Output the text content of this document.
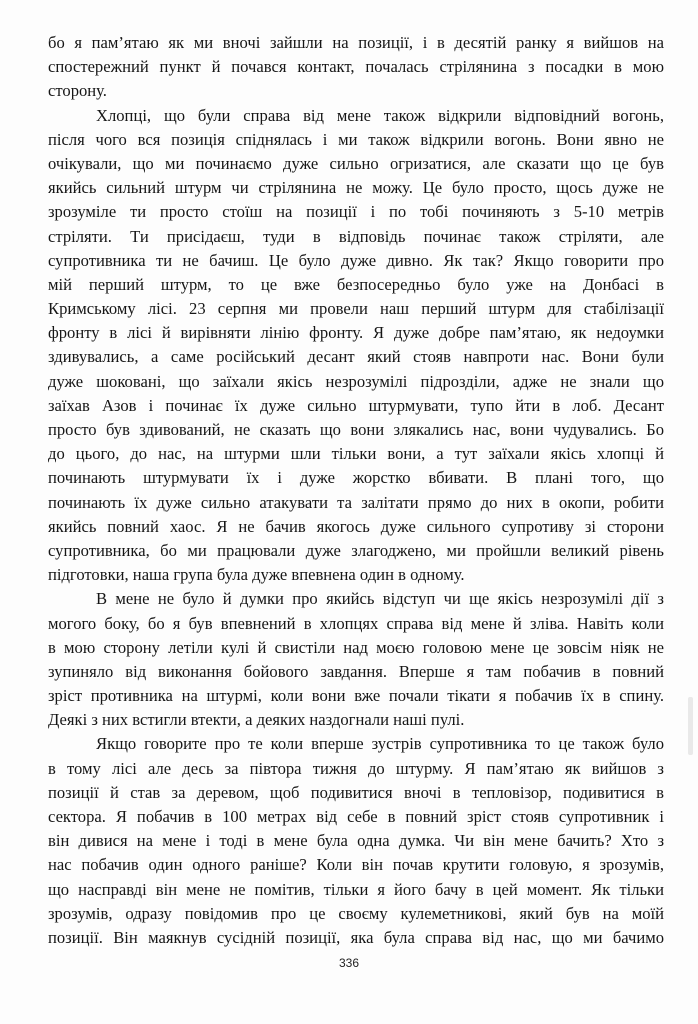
бо я пам’ятаю як ми вночі зайшли на позиції, і в десятій ранку я вийшов на
спостережний пункт й почався контакт, почалась стрілянина з посадки в мою
сторону.
Хлопці, що були справа від мене також відкрили відповідний вогонь,
після чого вся позиція спіднялась і ми також відкрили вогонь. Вони явно не
очікували, що ми починаємо дуже сильно огризатися, але сказати що це був
якийсь сильний штурм чи стрілянина не можу. Це було просто, щось дуже не
зрозуміле ти просто стоїш на позиції і по тобі починяють з 5-10 метрів
стріляти. Ти присідаєш, туди в відповідь починає також стріляти, але
супротивника ти не бачиш. Це було дуже дивно. Як так? Якщо говорити про
мій перший штурм, то це вже безпосередньо було уже на Донбасі в
Кримському лісі. 23 серпня ми провели наш перший штурм для стабілізації
фронту в лісі й вирівняти лінію фронту. Я дуже добре пам’ятаю, як недоумки
здивувались, а саме російський десант який стояв навпроти нас. Вони були
дуже шоковані, що заїхали якісь незрозумілі підрозділи, адже не знали що
заїхав Азов і починає їх дуже сильно штурмувати, тупо йти в лоб. Десант
просто був здивований, не сказать що вони злякались нас, вони чудувались. Бо
до цього, до нас, на штурми шли тільки вони, а тут заїхали якісь хлопці й
починають штурмувати їх і дуже жорстко вбивати. В плані того, що
починають їх дуже сильно атакувати та залітати прямо до них в окопи, робити
якийсь повний хаос. Я не бачив якогось дуже сильного супротиву зі сторони
супротивника, бо ми працювали дуже злагоджено, ми пройшли великий рівень
підготовки, наша група була дуже впевнена один в одному.
В мене не було й думки про якийсь відступ чи ще якісь незрозумілі дії з
могого боку, бо я був впевнений в хлопцях справа від мене й зліва. Навіть коли
в мою сторону летіли кулі й свистіли над моєю головою мене це зовсім ніяк не
зупиняло від виконання бойового завдання. Вперше я там побачив в повний
зріст противника на штурмі, коли вони вже почали тікати я побачив їх в спину.
Деякі з них встигли втекти, а деяких наздогнали наші пулі.
Якщо говорите про те коли вперше зустрів супротивника то це також було
в тому лісі але десь за півтора тижня до штурму. Я пам’ятаю як вийшов з
позиції й став за деревом, щоб подивитися вночі в тепловізор, подивитися в
сектора. Я побачив в 100 метрах від себе в повний зріст стояв супротивник і
він дивися на мене і тоді в мене була одна думка. Чи він мене бачить? Хто з
нас побачив один одного раніше? Коли він почав крутити головую, я зрозумів,
що насправді він мене не помітив, тільки я його бачу в цей момент. Як тільки
зрозумів, одразу повідомив про це своєму кулеметникові, який був на моїй
позиції. Він маякнув сусідній позиції, яка була справа від нас, що ми бачимо
336
